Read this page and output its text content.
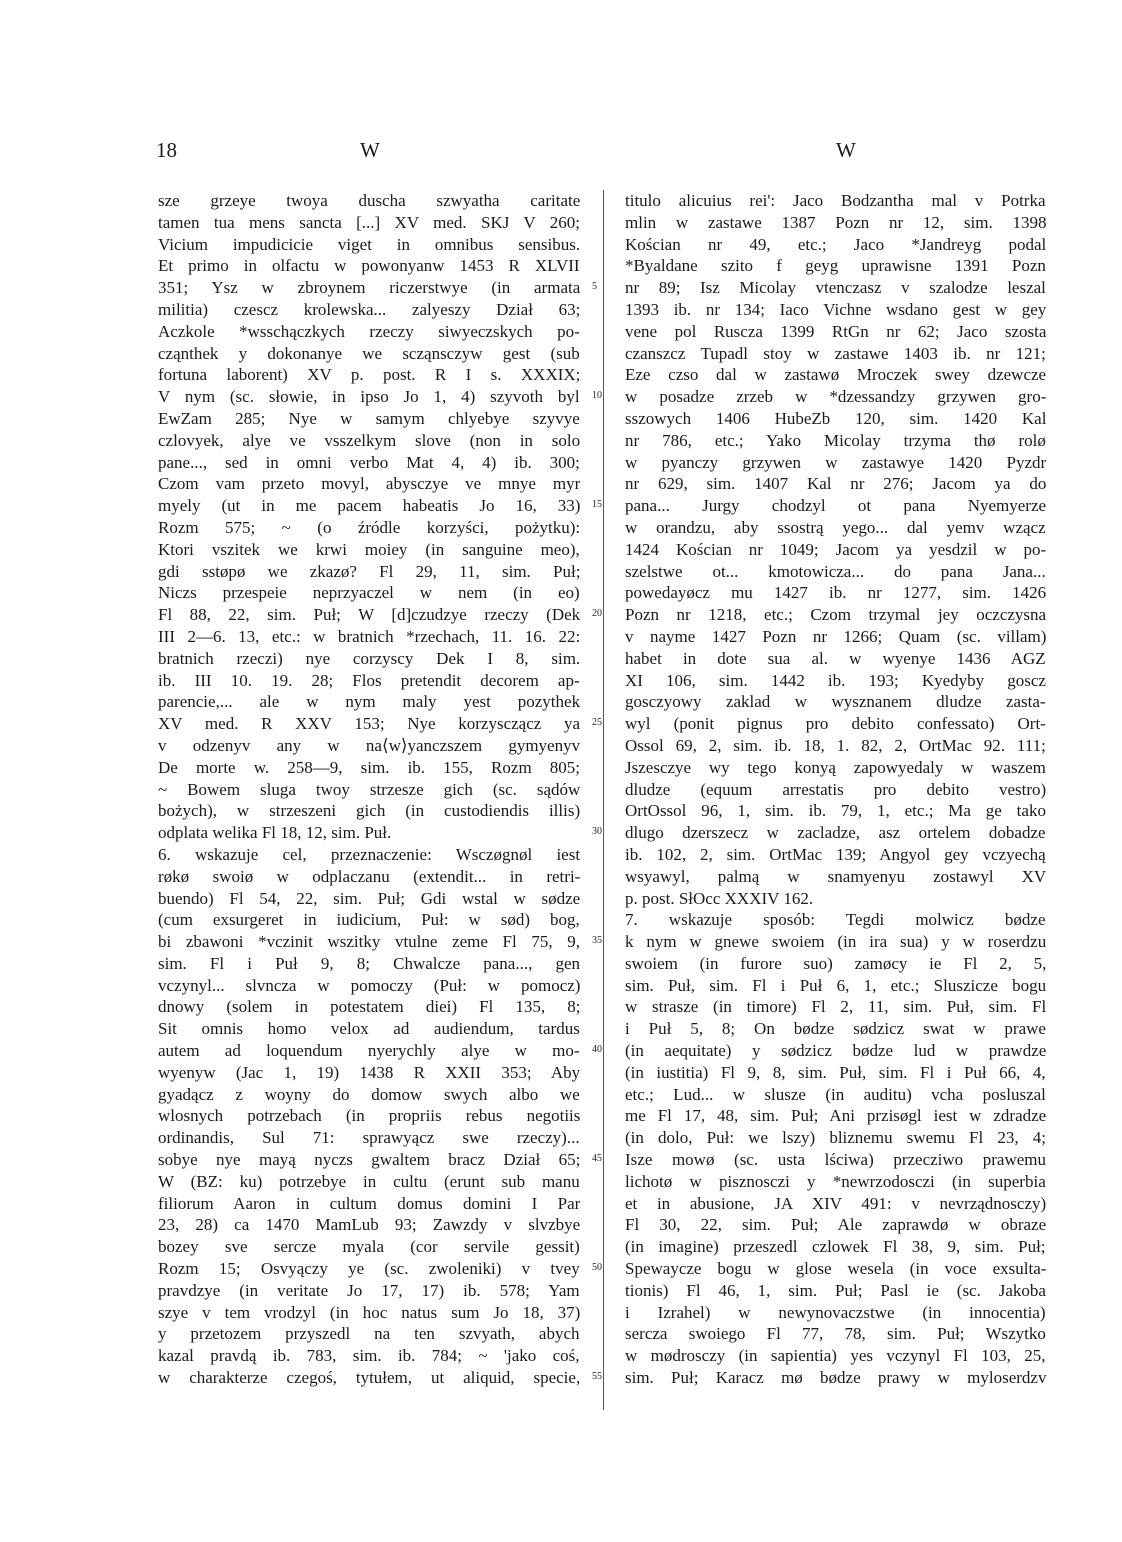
18	W	W
sze grzeye twoya duscha szwyatha caritate
tamen tua mens sancta [...] XV med. SKJ V 260;
Vicium impudicicie viget in omnibus sensibus.
Et primo in olfactu w powonyanw 1453 R XLVII
351; Ysz w zbroynem riczerstwye (in armata
militia) czescz krolewska... zalyeszy Dział 63;
Aczkole *wsschączkych rzeczy siwyeczskych po-
cząnthek y dokonanye we scząnsczyw gest (sub
fortuna laborent) XV p. post. R I s. XXXIX;
V nym (sc. słowie, in ipso Jo 1, 4) szyvoth byl
EwZam 285; Nye w samym chlyebye szyvye
czlovyek, alye ve vsszelkym slove (non in solo
pane..., sed in omni verbo Mat 4, 4) ib. 300;
Czom vam przeto movyl, abysczye ve mnye myr
myely (ut in me pacem habeatis Jo 16, 33)
Rozm 575; ~ (o źródle korzyści, pożytku):
Ktori vszitek we krwi moiey (in sanguine meo),
gdi sstøpø we zkazø? Fl 29, 11, sim. Puł;
Niczs przespeie neprzyaczel w nem (in eo)
Fl 88, 22, sim. Puł; W [d]czudzye rzeczy (Dek
III 2—6. 13, etc.: w bratnich *rzechach, 11. 16. 22:
bratnich rzeczi) nye corzyscy Dek I 8, sim.
ib. III 10. 19. 28; Flos pretendit decorem ap-
parencie,... ale w nym maly yest pozythek
XV med. R XXV 153; Nye korzysczącz ya
v odzenyv any w na⟨w⟩yanczszem gymyenyv
De morte w. 258—9, sim. ib. 155, Rozm 805;
~ Bowem sluga twoy strzesze gich (sc. sądów
bożych), w strzeszeni gich (in custodiendis illis)
odplata welika Fl 18, 12, sim. Puł.
6. wskazuje cel, przeznaczenie: Wsczøgnøl iest
røkø swoiø w odplaczanu (extendit... in retri-
buendo) Fl 54, 22, sim. Puł; Gdi wstal w sødze
(cum exsurgeret in iudicium, Puł: w sød) bog,
bi zbawoni *vczinit wszitky vtulne zeme Fl 75, 9,
sim. Fl i Puł 9, 8; Chwalcze pana..., gen
vczynyl... slvncza w pomoczy (Puł: w pomocz)
dnowy (solem in potestatem diei) Fl 135, 8;
Sit omnis homo velox ad audiendum, tardus
autem ad loquendum nyerychly alye w mo-
wyenyw (Jac 1, 19) 1438 R XXII 353; Aby
gyadącz z woyny do domow swych albo we
wlosnych potrzebach (in propriis rebus negotiis
ordinandis, Sul 71: sprawyącz swe rzeczy)...
sobye nye mayą nyczs gwaltem bracz Dział 65;
W (BZ: ku) potrzebye in cultu (erunt sub manu
filiorum Aaron in cultum domus domini I Par
23, 28) ca 1470 MamLub 93; Zawzdy v slvzbye
bozey sve sercze myala (cor servile gessit)
Rozm 15; Osvyączy ye (sc. zwoleniki) v tvey
pravdzye (in veritate Jo 17, 17) ib. 578; Yam
szye v tem vrodzyl (in hoc natus sum Jo 18, 37)
y przetozem przyszedl na ten szvyath, abych
kazal pravdą ib. 783, sim. ib. 784; ~ 'jako coś,
w charakterze czegoś, tytułem, ut aliquid, specie,
5
10
15
20
25
30
35
40
45
50
55
titulo alicuius rei': Jaco Bodzantha mal v Potrka
mlin w zastawe 1387 Pozn nr 12, sim. 1398
Kościan nr 49, etc.; Jaco *Jandreyg podal
*Byaldane szito f geyg uprawisne 1391 Pozn
nr 89; Isz Micolay vtenczasz v szalodze leszal
1393 ib. nr 134; Iaco Vichne wsdano gest w gey
vene pol Ruscza 1399 RtGn nr 62; Jaco szosta
czanszcz Tupadl stoy w zastawe 1403 ib. nr 121;
Eze czso dal w zastawø Mroczek swey dzewcze
w posadze zrzeb w *dzessandzy grzywen gro-
sszowych 1406 HubeZb 120, sim. 1420 Kal
nr 786, etc.; Yako Micolay trzyma thø rolø
w pyanczy grzywen w zastawye 1420 Pyzdr
nr 629, sim. 1407 Kal nr 276; Jacom ya do
pana... Jurgy chodzyl ot pana Nyemyerze
w orandzu, aby ssostrą yego... dal yemv wzącz
1424 Kościan nr 1049; Jacom ya yesdzil w po-
szelstwe ot... kmotowicza... do pana Jana...
powedayøcz mu 1427 ib. nr 1277, sim. 1426
Pozn nr 1218, etc.; Czom trzymal jey oczczysna
v nayme 1427 Pozn nr 1266; Quam (sc. villam)
habet in dote sua al. w wyenye 1436 AGZ
XI 106, sim. 1442 ib. 193; Kyedyby goscz
gosczyowy zaklad w wysznanem dludze zasta-
wyl (ponit pignus pro debito confessato) Ort-
Ossol 69, 2, sim. ib. 18, 1. 82, 2, OrtMac 92. 111;
Jszesczye wy tego konyą zapowyedaly w waszem
dludze (equum arrestatis pro debito vestro)
OrtOssol 96, 1, sim. ib. 79, 1, etc.; Ma ge tako
dlugo dzerszecz w zacladze, asz ortelem dobadze
ib. 102, 2, sim. OrtMac 139; Angyol gey vczyechą
wsyawyl, palmą w snamyenyu zostawyl XV
p. post. SłOcc XXXIV 162.
7. wskazuje sposób: Tegdi molwicz bødze
k nym w gnewe swoiem (in ira sua) y w roserdzu
swoiem (in furore suo) zamøcy ie Fl 2, 5,
sim. Puł, sim. Fl i Puł 6, 1, etc.; Sluszicze bogu
w strasze (in timore) Fl 2, 11, sim. Puł, sim. Fl
i Puł 5, 8; On bødze sødzicz swat w prawe
(in aequitate) y sødzicz bødze lud w prawdze
(in iustitia) Fl 9, 8, sim. Puł, sim. Fl i Puł 66, 4,
etc.; Lud... w slusze (in auditu) vcha posluszal
me Fl 17, 48, sim. Puł; Ani przisøgl iest w zdradze
(in dolo, Puł: we lszy) bliznemu swemu Fl 23, 4;
Isze mowø (sc. usta lściwa) przecziwo prawemu
lichotø w pisznosczi y *newrzodosczi (in superbia
et in abusione, JA XIV 491: v nevrządnosczy)
Fl 30, 22, sim. Puł; Ale zaprawdø w obraze
(in imagine) przeszedl czlowek Fl 38, 9, sim. Puł;
Spewaycze bogu w glose wesela (in voce exsulta-
tionis) Fl 46, 1, sim. Puł; Pasl ie (sc. Jakoba
i Izrahel) w newynovaczstwe (in innocentia)
sercza swoiego Fl 77, 78, sim. Puł; Wszytko
w mødrosczy (in sapientia) yes vczynyl Fl 103, 25,
sim. Puł; Karacz mø bødze prawy w myloserdzv
